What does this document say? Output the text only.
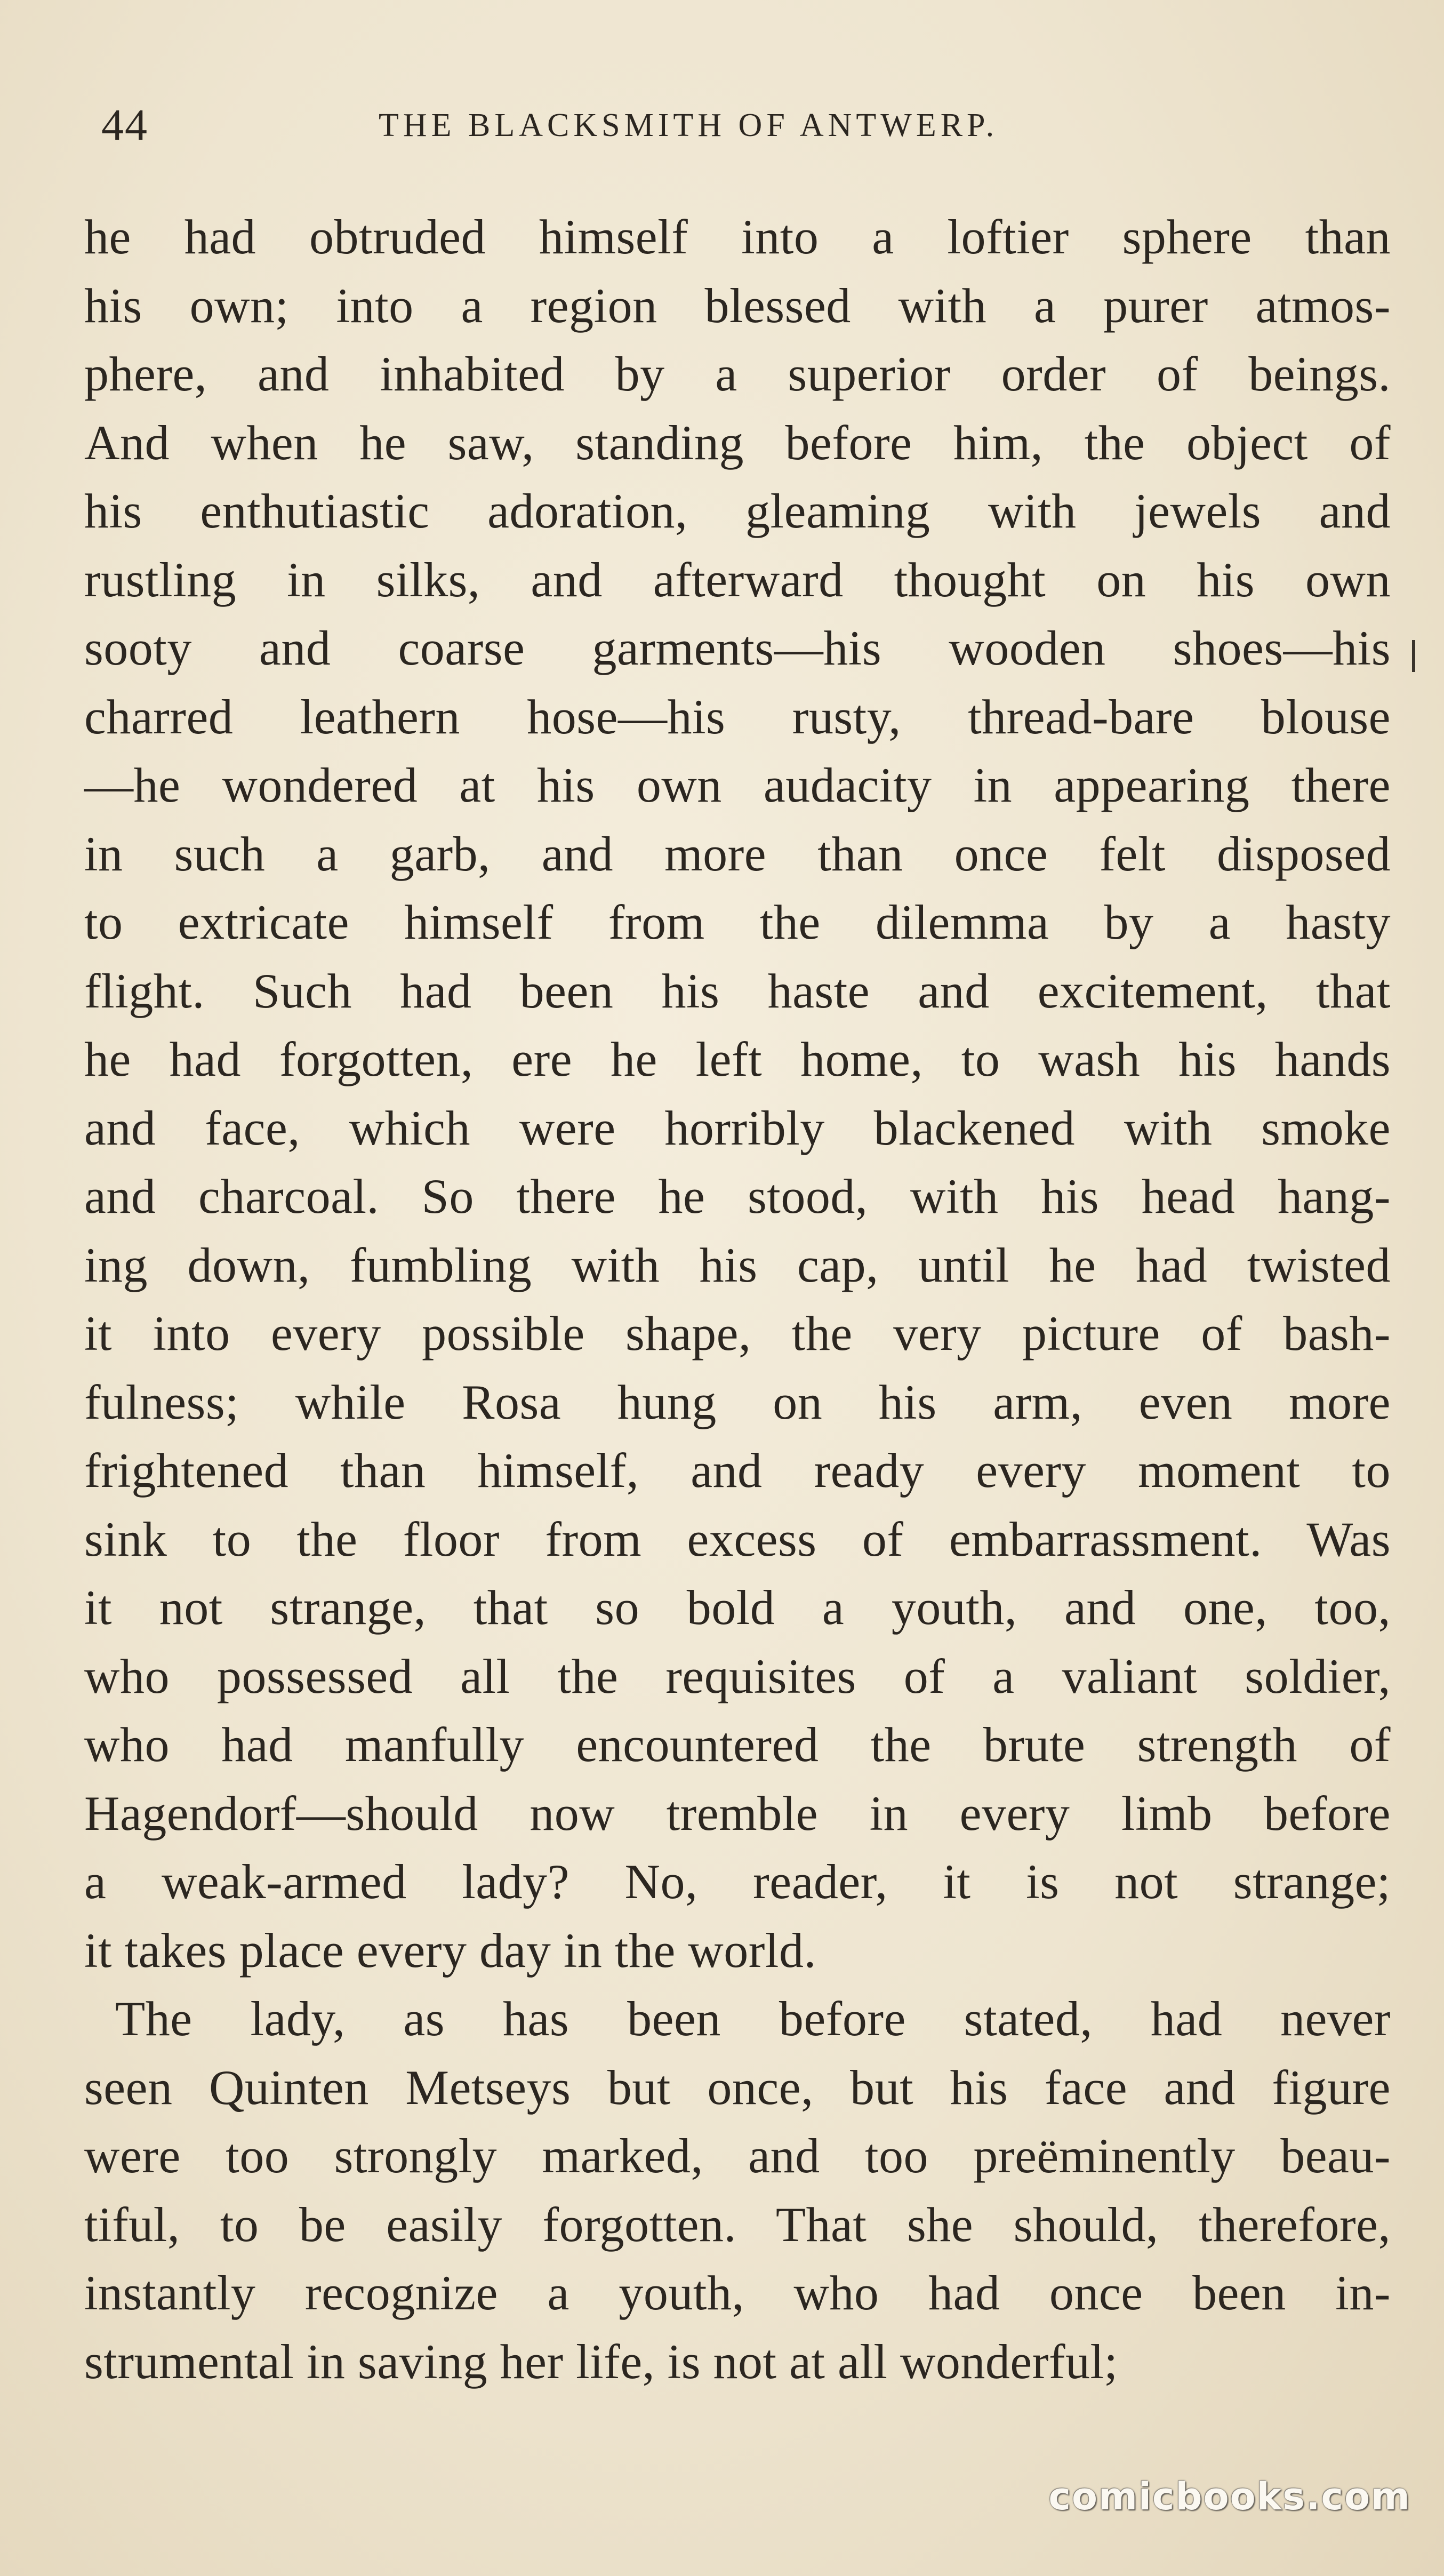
44	THE BLACKSMITH OF ANTWERP.
he had obtruded himself into a loftier sphere than
his own; into a region blessed with a purer atmos-
phere, and inhabited by a superior order of beings.
And when he saw, standing before him, the object of
his enthutiastic adoration, gleaming with jewels and
rustling in silks, and afterward thought on his own
sooty and coarse garments—his wooden shoes—his
charred leathern hose—his rusty, thread-bare blouse
—he wondered at his own audacity in appearing there
in such a garb, and more than once felt disposed
to extricate himself from the dilemma by a hasty
flight. Such had been his haste and excitement, that
he had forgotten, ere he left home, to wash his hands
and face, which were horribly blackened with smoke
and charcoal. So there he stood, with his head hang-
ing down, fumbling with his cap, until he had twisted
it into every possible shape, the very picture of bash-
fulness; while Rosa hung on his arm, even more
frightened than himself, and ready every moment to
sink to the floor from excess of embarrassment. Was
it not strange, that so bold a youth, and one, too,
who possessed all the requisites of a valiant soldier,
who had manfully encountered the brute strength of
Hagendorf—should now tremble in every limb before
a weak-armed lady? No, reader, it is not strange;
it takes place every day in the world.
The lady, as has been before stated, had never
seen Quinten Metseys but once, but his face and figure
were too strongly marked, and too preëminently beau-
tiful, to be easily forgotten. That she should, therefore,
instantly recognize a youth, who had once been in-
strumental in saving her life, is not at all wonderful;
comicbooks.com
